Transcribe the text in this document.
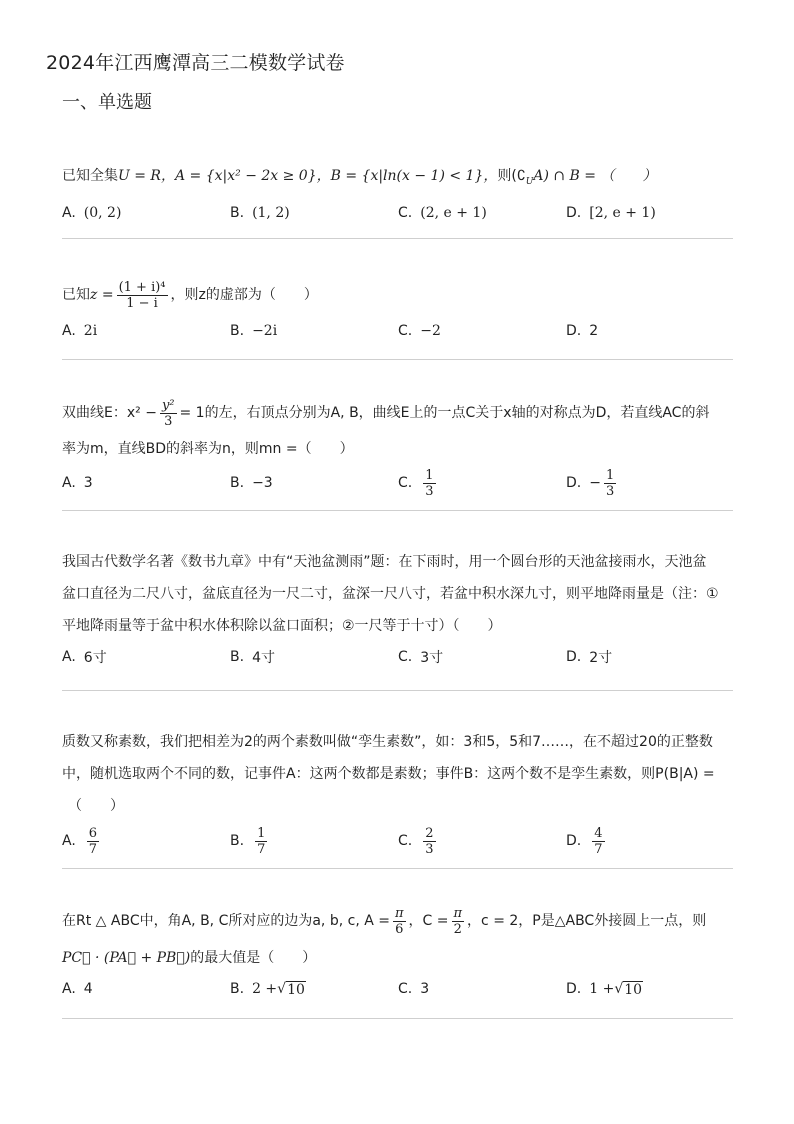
2024年江西鹰潭高三二模数学试卷
一、单选题
已知全集U = R，A = {x|x² − 2x ≥ 0}，B = {x|ln(x − 1) < 1}，则$(∁_UA)$ ∩ B = （　　）
A. (0, 2)	B. (1, 2)	C. (2, e + 1)	D. [2, e + 1)
已知$z = \frac{\text{(1 + i)⁴}}{1 - i}$ ，则z的虚部为（　　）
A. 2i	B. −2i	C. −2	D. 2
双曲线E：$x^2 - \frac{\text{y²}}{3} = 1$的左，右顶点分别为A, B，曲线E上的一点C关于x轴的对称点为D，若直线AC的斜
率为m，直线BD的斜率为n，则mn =（　　）
A. 3	B. −3	C. $\frac{1}{3}$	D. − $\frac{1}{3}$
我国古代数学名著《数书九章》中有“天池盆测雨”题：在下雨时，用一个圆台形的天池盆接雨水，天池盆
盆口直径为二尺八寸，盆底直径为一尺二寸，盆深一尺八寸，若盆中积水深九寸，则平地降雨量是（注：①
平地降雨量等于盆中积水体积除以盆口面积；②一尺等于十寸）（　　）
A. 6寸	B. 4寸	C. 3寸	D. 2寸
质数又称素数，我们把相差为2的两个素数叫做“孪生素数”，如：3和5，5和7……，在不超过20的正整数
中，随机选取两个不同的数，记事件A：这两个数都是素数；事件B：这两个数不是孪生素数，则P(B|A) =
（　　）
A. $\frac{6}{7}$	B. $\frac{1}{7}$	C. $\frac{2}{3}$	D. $\frac{4}{7}$
在Rt △ ABC中，角A, B, C所对应的边为a, b, c, $A = \frac{\pi}{6}$ ，$C = \frac{\pi}{2}$ ，c = 2，P是△ABC外接圆上一点，则
PC⃗ · (PA⃗ + PB⃗)的最大值是（　　）
A. 4	B. 2 + √ 10	C. 3	D. 1 + √ 10
